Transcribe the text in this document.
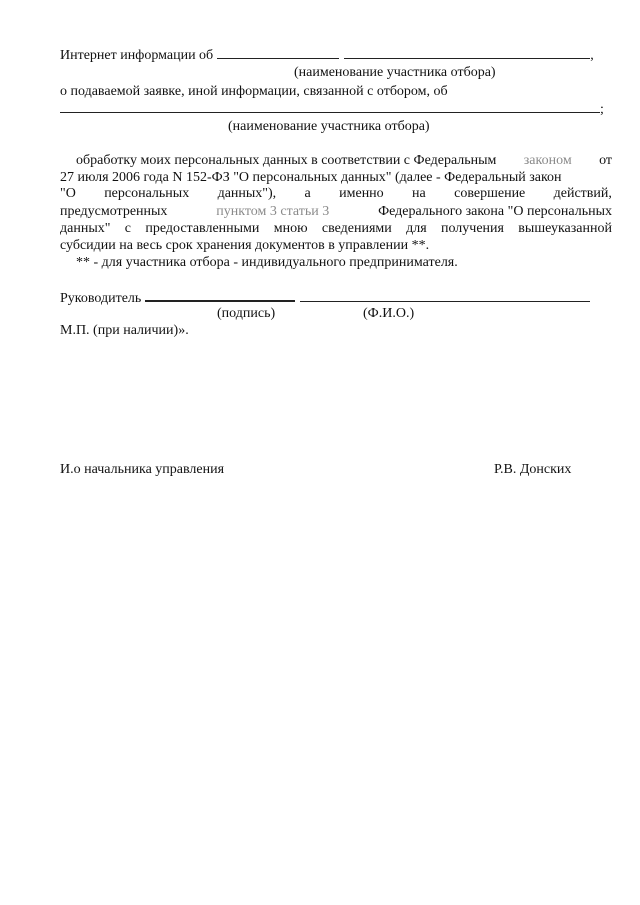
Интернет информации об	,
(наименование участника отбора)
о подаваемой заявке, иной информации, связанной с отбором, об
;
(наименование участника отбора)
обработку моих персональных данных в соответствии с Федеральным законом от
27 июля 2006 года N 152-ФЗ "О персональных данных" (далее - Федеральный закон
"О персональных данных"), а именно на совершение действий,
предусмотренных	пунктом 3 статьи 3	Федерального закона "О персональных
данных" с предоставленными мною сведениями для получения вышеуказанной
субсидии на весь срок хранения документов в управлении **.
** - для участника отбора - индивидуального предпринимателя.
Руководитель
(подпись)	(Ф.И.О.)
М.П. (при наличии)».
И.о начальника управления	Р.В. Донских
